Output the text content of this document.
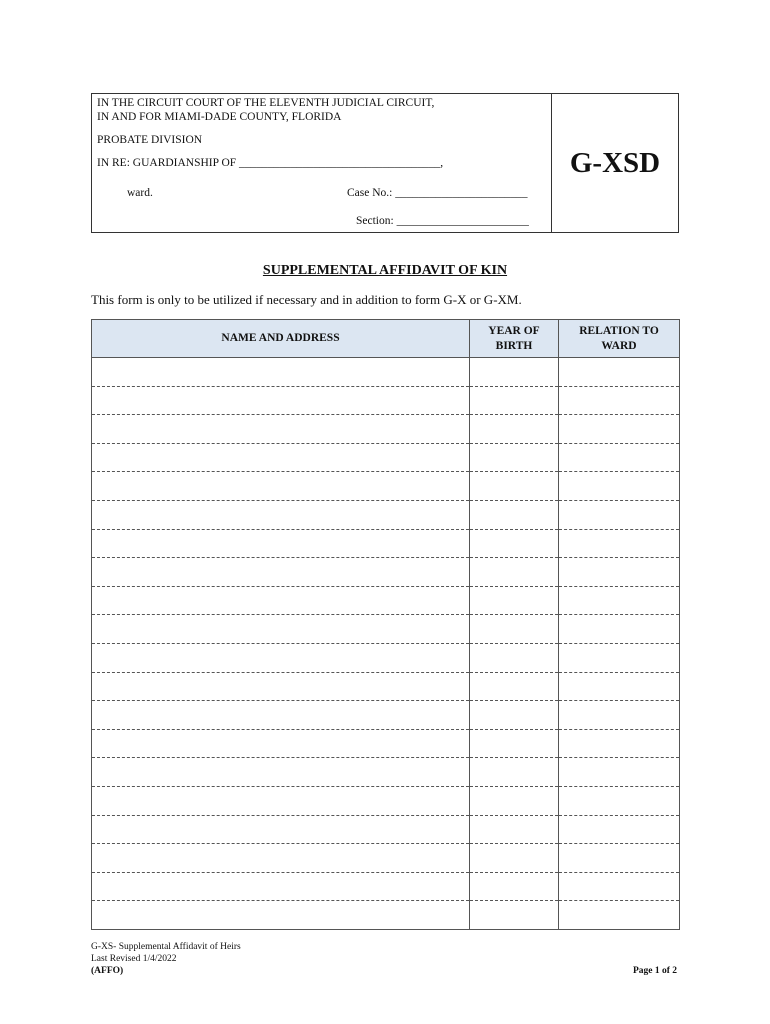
IN THE CIRCUIT COURT OF THE ELEVENTH JUDICIAL CIRCUIT,
IN AND FOR MIAMI-DADE COUNTY, FLORIDA
PROBATE DIVISION
IN RE: GUARDIANSHIP OF ___________________________________,
ward.	Case No.: _______________________
Section: _______________________
G-XSD
SUPPLEMENTAL AFFIDAVIT OF KIN
This form is only to be utilized if necessary and in addition to form G-X or G-XM.
NAME AND ADDRESS	YEAR OF BIRTH	RELATION TO WARD

G-XS- Supplemental Affidavit of Heirs
Last Revised 1/4/2022
(AFFO)	Page 1 of 2
